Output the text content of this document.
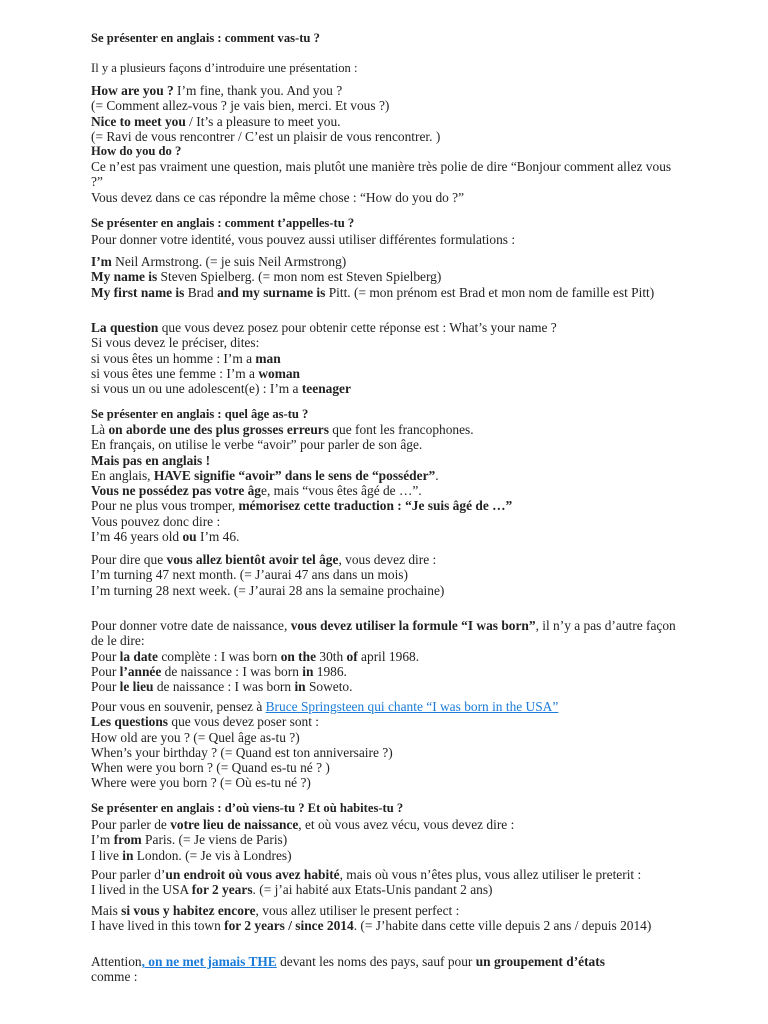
Se présenter en anglais : comment vas-tu ?

Il y a plusieurs façons d’introduire une présentation :

How are you ? I’m fine, thank you. And you ?

(= Comment allez-vous ? je vais bien, merci. Et vous ?)

Nice to meet you / It’s a pleasure to meet you.

(= Ravi de vous rencontrer / C’est un plaisir de vous rencontrer. )

How do you do ?

Ce n’est pas vraiment une question, mais plutôt une manière très polie de dire “Bonjour comment allez vous ?”

Vous devez dans ce cas répondre la même chose : “How do you do ?”

Se présenter en anglais : comment t’appelles-tu ?

Pour donner votre identité, vous pouvez aussi utiliser différentes formulations :

I’m Neil Armstrong. (= je suis Neil Armstrong)

My name is Steven Spielberg. (= mon nom est Steven Spielberg)

My first name is Brad and my surname is Pitt. (= mon prénom est Brad et mon nom de famille est Pitt)

La question que vous devez posez pour obtenir cette réponse est : What’s your name ?

Si vous devez le préciser, dites:

si vous êtes un homme : I’m a man

si vous êtes une femme : I’m a woman

si vous un ou une adolescent(e) : I’m a teenager

Se présenter en anglais : quel âge as-tu ?

Là on aborde une des plus grosses erreurs que font les francophones.

En français, on utilise le verbe “avoir” pour parler de son âge.

Mais pas en anglais !

En anglais, HAVE signifie “avoir” dans le sens de “posséder”.

Vous ne possédez pas votre âge, mais “vous êtes âgé de …”.

Pour ne plus vous tromper, mémorisez cette traduction : “Je suis âgé de …”

Vous pouvez donc dire :

I’m 46 years old ou I’m 46.

Pour dire que vous allez bientôt avoir tel âge, vous devez dire :

I’m turning 47 next month. (= J’aurai 47 ans dans un mois)

I’m turning 28 next week. (= J’aurai 28 ans la semaine prochaine)

Pour donner votre date de naissance, vous devez utiliser la formule “I was born”, il n’y a pas d’autre façon de le dire:

Pour la date complète : I was born on the 30th of april 1968.

Pour l’année de naissance : I was born in 1986.

Pour le lieu de naissance : I was born in Soweto.

Pour vous en souvenir, pensez à Bruce Springsteen qui chante “I was born in the USA”

Les questions que vous devez poser sont :

How old are you ? (= Quel âge as-tu ?)

When’s your birthday ? (= Quand est ton anniversaire ?)

When were you born ? (= Quand es-tu né ? )

Where were you born ? (= Où es-tu né ?)

Se présenter en anglais : d’où viens-tu ? Et où habites-tu ?

Pour parler de votre lieu de naissance, et où vous avez vécu, vous devez dire :

I’m from Paris. (= Je viens de Paris)

I live in London. (= Je vis à Londres)

Pour parler d’un endroit où vous avez habité, mais où vous n’êtes plus, vous allez utiliser le preterit :

I lived in the USA for 2 years. (= j’ai habité aux Etats-Unis pandant 2 ans)

Mais si vous y habitez encore, vous allez utiliser le present perfect :

I have lived in this town for 2 years / since 2014. (= J’habite dans cette ville depuis 2 ans / depuis 2014)

Attention, on ne met jamais THE devant les noms des pays, sauf pour un groupement d’états comme :
